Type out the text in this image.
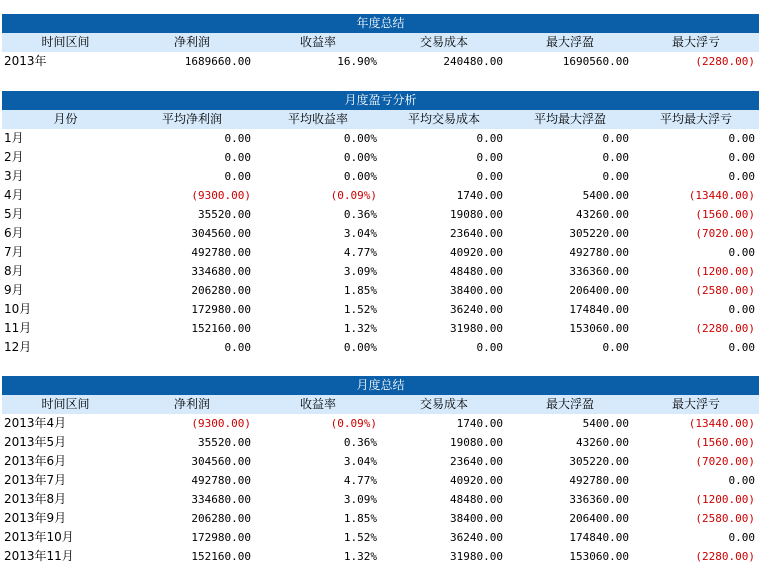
年度总结
时间区间	净利润	收益率	交易成本	最大浮盈	最大浮亏
2013年	1689660.00	16.90%	240480.00	1690560.00	(2280.00)
月度盈亏分析
月份	平均净利润	平均收益率	平均交易成本	平均最大浮盈	平均最大浮亏
1月	0.00	0.00%	0.00	0.00	0.00
2月	0.00	0.00%	0.00	0.00	0.00
3月	0.00	0.00%	0.00	0.00	0.00
4月	(9300.00)	(0.09%)	1740.00	5400.00	(13440.00)
5月	35520.00	0.36%	19080.00	43260.00	(1560.00)
6月	304560.00	3.04%	23640.00	305220.00	(7020.00)
7月	492780.00	4.77%	40920.00	492780.00	0.00
8月	334680.00	3.09%	48480.00	336360.00	(1200.00)
9月	206280.00	1.85%	38400.00	206400.00	(2580.00)
10月	172980.00	1.52%	36240.00	174840.00	0.00
11月	152160.00	1.32%	31980.00	153060.00	(2280.00)
12月	0.00	0.00%	0.00	0.00	0.00
月度总结
时间区间	净利润	收益率	交易成本	最大浮盈	最大浮亏
2013年4月	(9300.00)	(0.09%)	1740.00	5400.00	(13440.00)
2013年5月	35520.00	0.36%	19080.00	43260.00	(1560.00)
2013年6月	304560.00	3.04%	23640.00	305220.00	(7020.00)
2013年7月	492780.00	4.77%	40920.00	492780.00	0.00
2013年8月	334680.00	3.09%	48480.00	336360.00	(1200.00)
2013年9月	206280.00	1.85%	38400.00	206400.00	(2580.00)
2013年10月	172980.00	1.52%	36240.00	174840.00	0.00
2013年11月	152160.00	1.32%	31980.00	153060.00	(2280.00)
